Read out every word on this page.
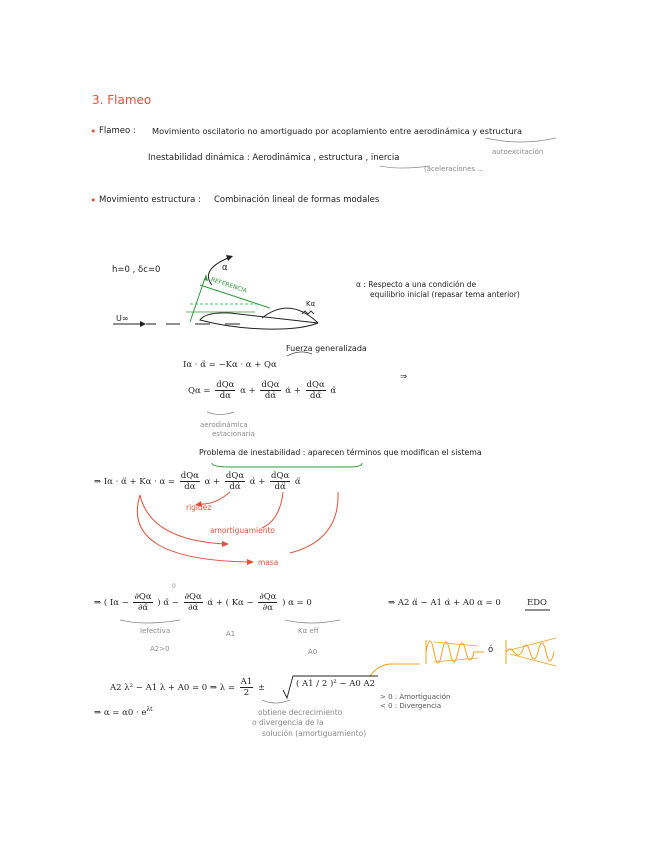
3. Flameo
• Flameo : Movimiento oscilatorio no amortiguado por acoplamiento entre aerodinámica y estructura
autoexcitación
Inestabilidad dinámica : Aerodinámica , estructura , inercia
(aceleraciones ...
• Movimiento estructura : Combinación lineal de formas modales
h=0 , δc=0	α
REFERENCIA
Kα
U∞
α : Respecto a una condición de
equilibrio inicial (repasar tema anterior)
Fuerza generalizada
Iα · α̈ = −Kα · α + Qα
$Q\alpha = \frac{\text{dQα}}{d\alpha}$ $\alpha + \frac{\text{dQα}}{d\alphȧ}$ α̇ + $\frac{\text{dQα}}{d\alphä}$ α̈
⇒
aerodinámica
estacionaria
Problema de inestabilidad : aparecen términos que modifican el sistema
⇒ Iα · α̈ + $K\alpha \cdot \alpha = \frac{\text{dQα}}{d\alpha}$ $\alpha + \frac{\text{dQα}}{d\alphȧ}$ α̇ + $\frac{\text{dQα}}{d\alphä}$ α̈
rigidez
amortiguamiento
masa
0
⇒ ( $I\alpha - \frac{\partial Q\alpha}{\partial\alphä}$ ) α̈ − $\frac{\partial Q\alpha}{\partial\alphȧ}$ α̇ + ( $K\alpha - \frac{\partial Q\alpha}{\partial\alpha}$ ) α = 0	⇒ A2 α̈ − A1 α̇ + A0 α = 0	EDO
Iefectiva
A2>0
A1	Kα eff
A0	ó
A2 λ² − A1 λ + A0 = 0 ⇒ $\lambda = \frac{A1}{2}$ ±	( A1 / 2 )² − A0 A2
> 0 : Amortiguación
< 0 : Divergencia
⇒ $\alpha = \alpha 0 \cdot e^{\lambda t}$	obtiene decrecimiento
o divergencia de la
solución (amortiguamiento)
